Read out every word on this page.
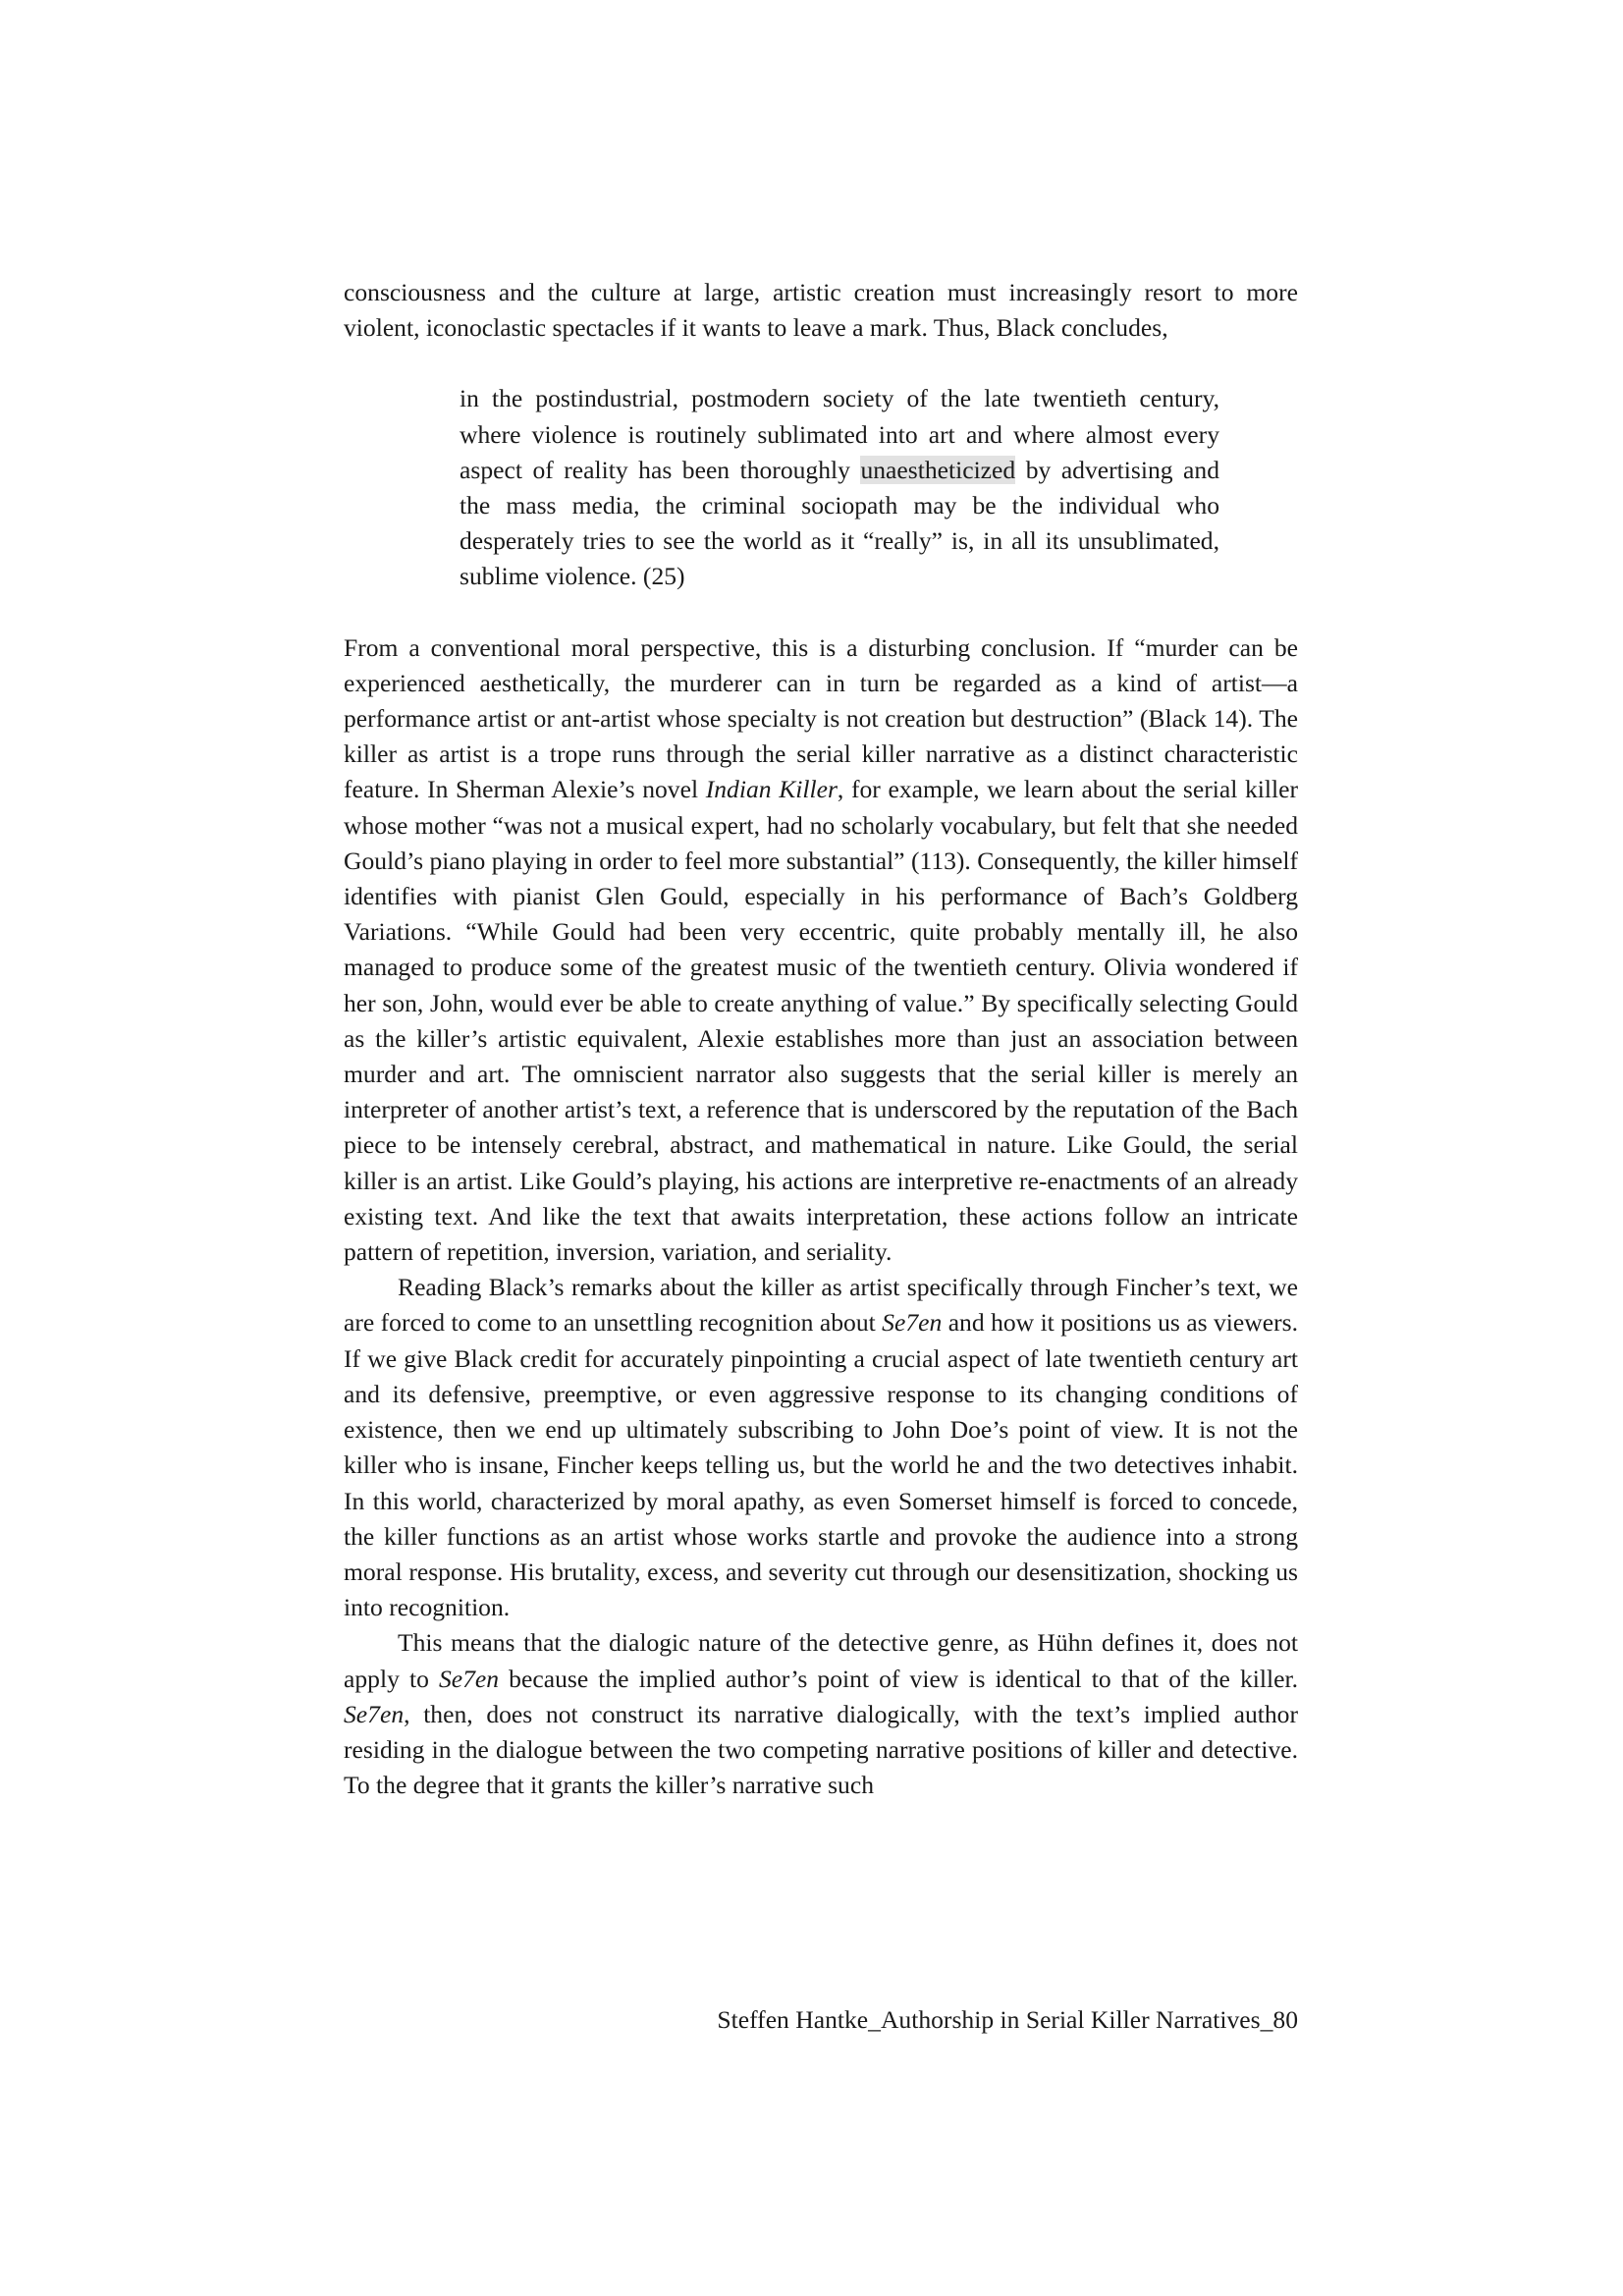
consciousness and the culture at large, artistic creation must increasingly resort to more violent, iconoclastic spectacles if it wants to leave a mark. Thus, Black concludes,

in the postindustrial, postmodern society of the late twentieth century, where violence is routinely sublimated into art and where almost every aspect of reality has been thoroughly unaestheticized by advertising and the mass media, the criminal sociopath may be the individual who desperately tries to see the world as it “really” is, in all its unsublimated, sublime violence. (25)

From a conventional moral perspective, this is a disturbing conclusion. If “murder can be experienced aesthetically, the murderer can in turn be regarded as a kind of artist—a performance artist or ant-artist whose specialty is not creation but destruction” (Black 14). The killer as artist is a trope runs through the serial killer narrative as a distinct characteristic feature. In Sherman Alexie’s novel Indian Killer, for example, we learn about the serial killer whose mother “was not a musical expert, had no scholarly vocabulary, but felt that she needed Gould’s piano playing in order to feel more substantial” (113). Consequently, the killer himself identifies with pianist Glen Gould, especially in his performance of Bach’s Goldberg Variations. “While Gould had been very eccentric, quite probably mentally ill, he also managed to produce some of the greatest music of the twentieth century. Olivia wondered if her son, John, would ever be able to create anything of value.” By specifically selecting Gould as the killer’s artistic equivalent, Alexie establishes more than just an association between murder and art. The omniscient narrator also suggests that the serial killer is merely an interpreter of another artist’s text, a reference that is underscored by the reputation of the Bach piece to be intensely cerebral, abstract, and mathematical in nature. Like Gould, the serial killer is an artist. Like Gould’s playing, his actions are interpretive re-enactments of an already existing text. And like the text that awaits interpretation, these actions follow an intricate pattern of repetition, inversion, variation, and seriality.

Reading Black’s remarks about the killer as artist specifically through Fincher’s text, we are forced to come to an unsettling recognition about Se7en and how it positions us as viewers. If we give Black credit for accurately pinpointing a crucial aspect of late twentieth century art and its defensive, preemptive, or even aggressive response to its changing conditions of existence, then we end up ultimately subscribing to John Doe’s point of view. It is not the killer who is insane, Fincher keeps telling us, but the world he and the two detectives inhabit. In this world, characterized by moral apathy, as even Somerset himself is forced to concede, the killer functions as an artist whose works startle and provoke the audience into a strong moral response. His brutality, excess, and severity cut through our desensitization, shocking us into recognition.

This means that the dialogic nature of the detective genre, as Hühn defines it, does not apply to Se7en because the implied author’s point of view is identical to that of the killer. Se7en, then, does not construct its narrative dialogically, with the text’s implied author residing in the dialogue between the two competing narrative positions of killer and detective. To the degree that it grants the killer’s narrative such

Steffen Hantke_Authorship in Serial Killer Narratives_80
